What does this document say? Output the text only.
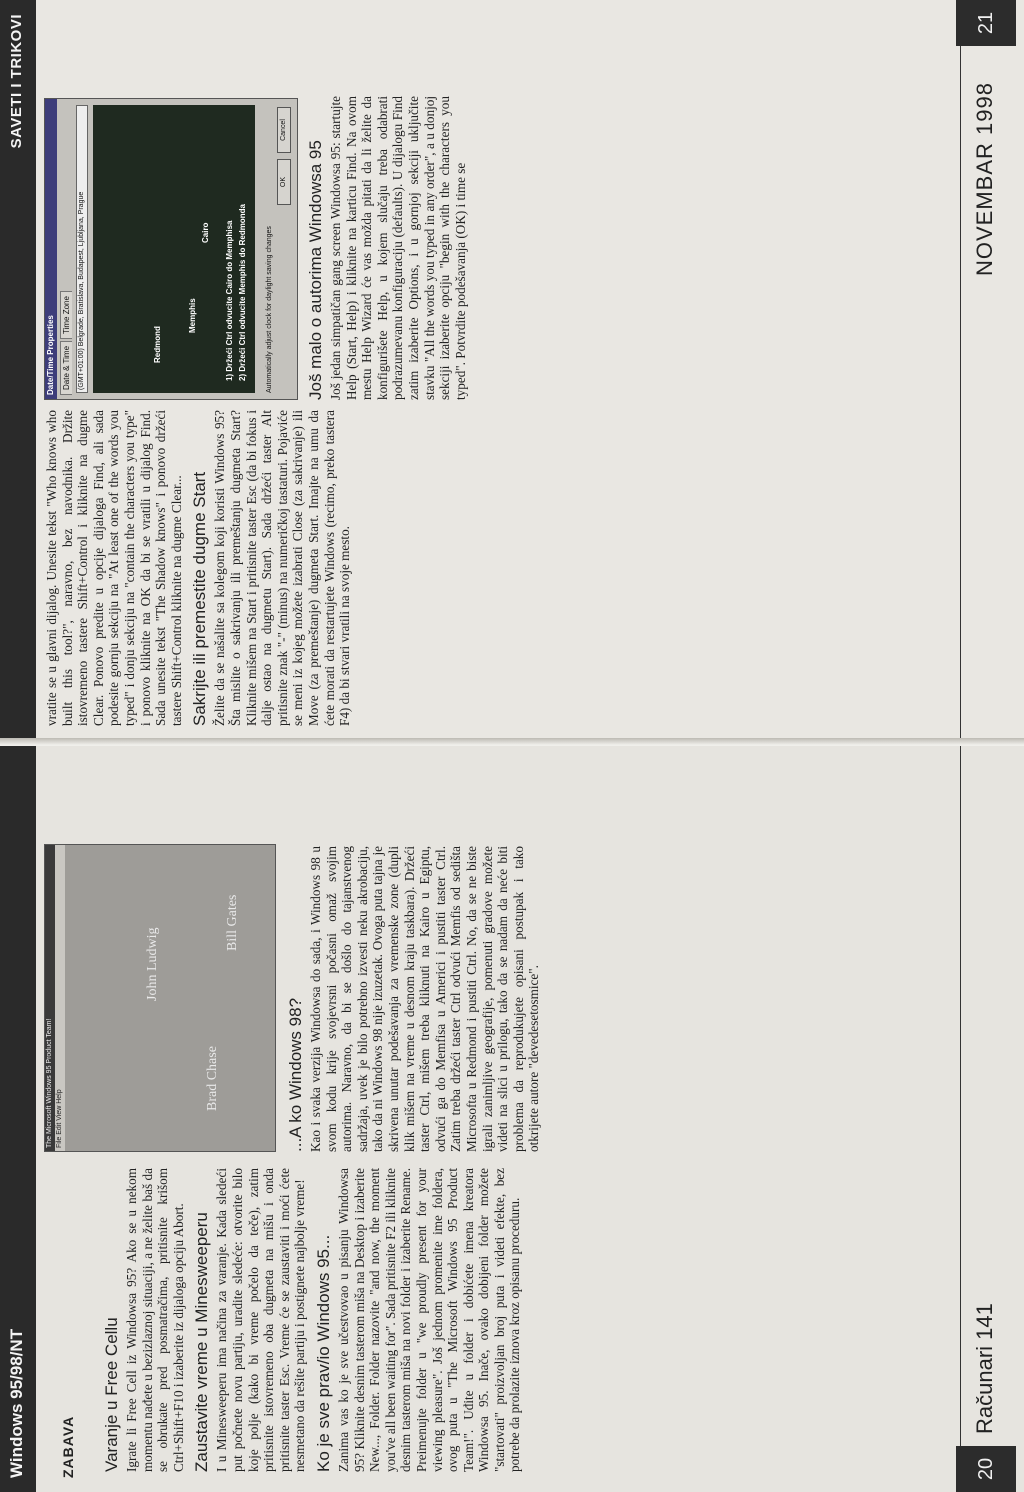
SAVETI I TRIKOVI
Date/Time Properties Date & Time
Time Zone (GMT+01:00) Belgrade, Bratislava, Budapest, Ljubljana, Prague	Redmond
Memphis
Cairo 1) Držeći Ctrl odvucite Cairo do Memphisa 2) Držeći Ctrl odvucite Memphis do Redmonda	Automatically adjust clock for daylight saving changes
OK
Cancel
Još malo o autorima Windowsa 95 Još jedan simpatičan gang screen Windowsa 95: startujte Help (Start, Help) i kliknite na karticu Find. Na ovom mestu Help Wizard će vas možda pitati da li želite da konfigurišete Help, u kojem slučaju treba odabrati podrazumevanu konfiguraciju (defaults). U dijalogu Find zatim izaberite Options, i u gornjoj sekciji uključite stavku "All the words you typed in any order", a u donjoj sekciji izaberite opciju "begin with the characters you typed". Potvrdite podešavanja (OK) i time se

vratite se u glavni dijalog. Unesite tekst "Who knows who built this tool?", naravno, bez navodnika. Držite istovremeno tastere Shift+Control i kliknite na dugme Clear. Ponovo predite u opcije dijaloga Find, ali sada podesite gornju sekciju na "At least one of the words you typed" i donju sekciju na "contain the characters you type" i ponovo kliknite na OK da bi se vratili u dijalog Find. Sada unesite tekst "The Shadow knows" i ponovo držeći tastere Shift+Control kliknite na dugme Clear... Sakrijte ili premestite dugme Start Želite da se našalite sa kolegom koji koristi Windows 95? Šta mislite o sakrivanju ili premeštanju dugmeta Start? Kliknite mišem na Start i pritisnite taster Esc (da bi fokus i dalje ostao na dugmetu Start). Sada držeći taster Alt pritisnite znak "-" (minus) na numeričkoj tastaturi. Pojaviće se meni iz kojeg možete izabrati Close (za sakrivanje) ili Move (za premeštanje) dugmeta Start. Imajte na umu da ćete morati da restartujete Windows (recimo, preko tastera F4) da bi stvari vratili na svoje mesto.

NOVEMBAR 1998
21
Windows 95/98/NT ZABAVA Varanje u Free Cellu Igrate li Free Cell iz Windowsa 95? Ako se u nekom momentu nađete u bezizlaznoj situaciji, a ne želite baš da se obrukate pred posmatračima, pritisnite krišom Ctrl+Shift+F10 i izaberite iz dijaloga opciju Abort. Zaustavite vreme u Minesweeperu I u Minesweeperu ima načina za varanje. Kada sledeći put počnete novu partiju, uradite sledeće: otvorite bilo koje polje (kako bi vreme počelo da teče), zatim pritisnite istovremeno oba dugmeta na mišu i onda pritisnite taster Esc. Vreme će se zaustaviti i moći ćete nesmetano da rešite partiju i postignete najbolje vreme! Ko je sve prav/io Windows 95... Zanima vas ko je sve učestvovao u pisanju Windowsa 95? Kliknite desnim tasterom miša na Desktop i izaberite New..., Folder. Folder nazovite "and now, the moment you've all been waiting for". Sada pritisnite F2 ili kliknite desnim tasterom miša na novi folder i izaberite Rename. Preimenujte folder u "we proudly present for your viewing pleasure". Još jednom promenite ime foldera, ovog puta u "The Microsoft Windows 95 Product Team!". Uđite u folder i dobićete imena kreatora Windowsa 95. Inače, ovako dobijeni folder možete "startovati" proizvoljan broj puta i videti efekte, bez potrebe da prolazite iznova kroz opisanu proceduru.

The Microsoft Windows 95 Product Team! File Edit View Help
Brad Chase
John Ludwig
Bill Gates
...A ko Windows 98? Kao i svaka verzija Windowsa do sada, i Windows 98 u svom kodu krije svojevrsni počasni omaž svojim autorima. Naravno, da bi se došlo do tajanstvenog sadržaja, uvek je bilo potrebno izvesti neku akrobaciju, tako da ni Windows 98 nije izuzetak. Ovoga puta tajna je skrivena unutar podešavanja za vremenske zone (dupli klik mišem na vreme u desnom kraju taskbara). Držeći taster Ctrl, mišem treba kliknuti na Kairo u Egiptu, odvući ga do Memfisa u Americi i pustiti taster Ctrl. Zatim treba držeći taster Ctrl odvući Memfis od sedišta Microsofta u Redmond i pustiti Ctrl. No, da se ne biste igrali zanimljive geografije, pomenuti gradove možete videti na slici u prilogu, tako da se nadam da neće biti problema da reprodukujete opisani postupak i tako otkrijete autore "devedesetosmice".

20
Računari 141
